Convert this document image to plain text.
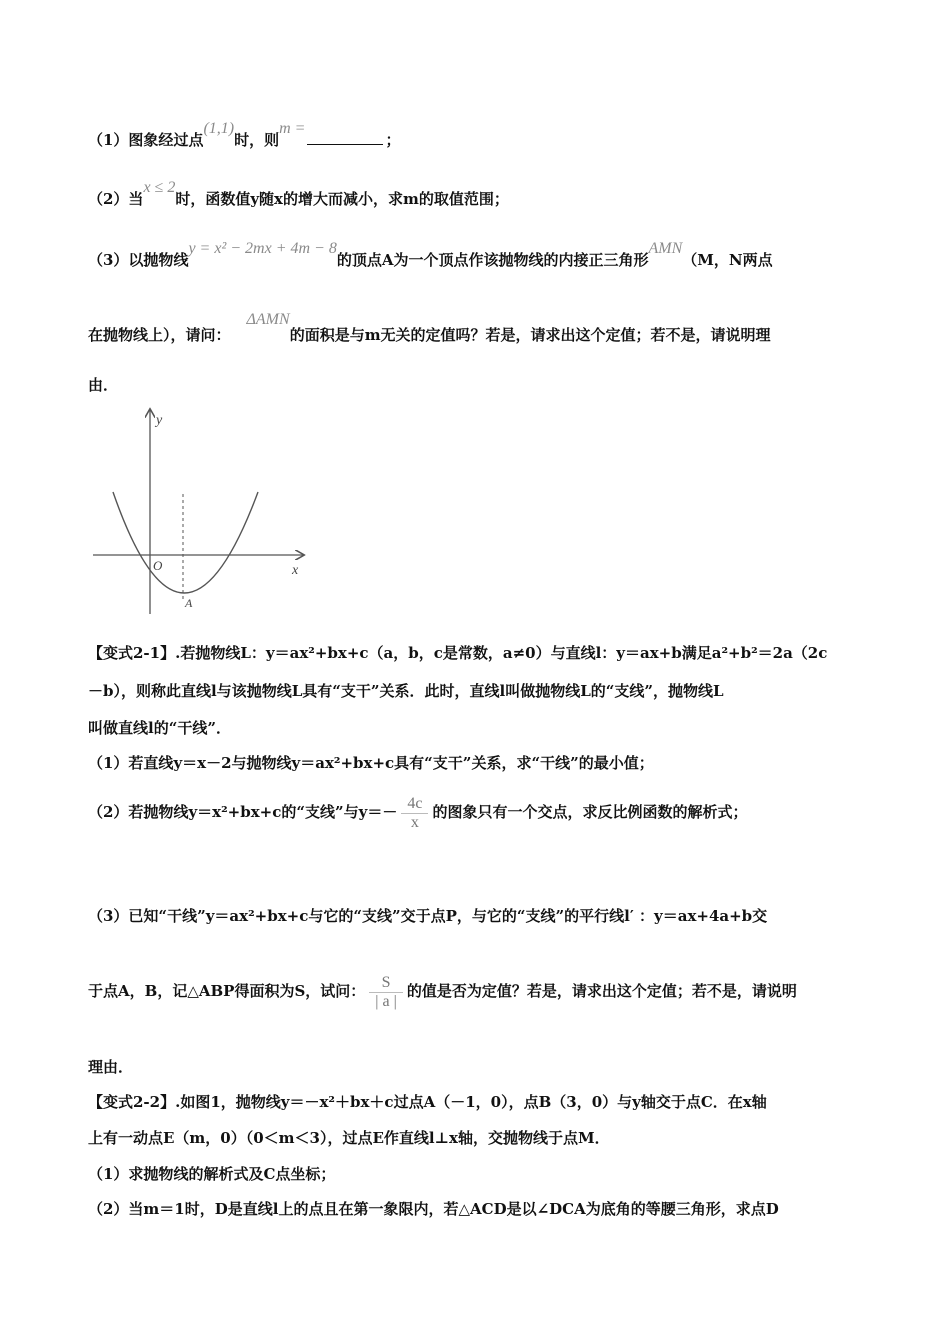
（1）图象经过点(1,1)时，则m =；
（2）当x ≤ 2时，函数值y随x的增大而减小，求m的取值范围；
（3）以抛物线y = x² − 2mx + 4m − 8的顶点A为一个顶点作该抛物线的内接正三角形AMN（M，N两点
在抛物线上），请问：ΔAMN的面积是与m无关的定值吗？若是，请求出这个定值；若不是，请说明理
由．
y
x
O
A
【变式2-1】.若抛物线L：y＝ax²+bx+c（a，b，c是常数，a≠0）与直线l：y＝ax+b满足a²+b²＝2a（2c
－b），则称此直线l与该抛物线L具有“支干”关系．此时，直线l叫做抛物线L的“支线”，抛物线L
叫做直线l的“干线”．
（1）若直线y＝x－2与抛物线y＝ax²+bx+c具有“支干”关系，求“干线”的最小值；
（2）若抛物线y＝x²+bx+c的“支线”与$y=- \frac{4c}{x}$ 的图象只有一个交点，求反比例函数的解析式；
（3）已知“干线”y＝ax²+bx+c与它的“支线”交于点P，与它的“支线”的平行线l′ ：y＝ax+4a+b交
于点A，B，记△ABP得面积为S，试问： $\frac{S}{| a |}$ 的值是否为定值？若是，请求出这个定值；若不是，请说明
理由．
【变式2-2】.如图1，抛物线y＝－x²＋bx＋c过点A（－1，0），点B（3，0）与y轴交于点C．在x轴
上有一动点E（m，0）（0＜m＜3），过点E作直线l⊥x轴，交抛物线于点M．
（1）求抛物线的解析式及C点坐标；
（2）当m＝1时，D是直线l上的点且在第一象限内，若△ACD是以∠DCA为底角的等腰三角形，求点D
